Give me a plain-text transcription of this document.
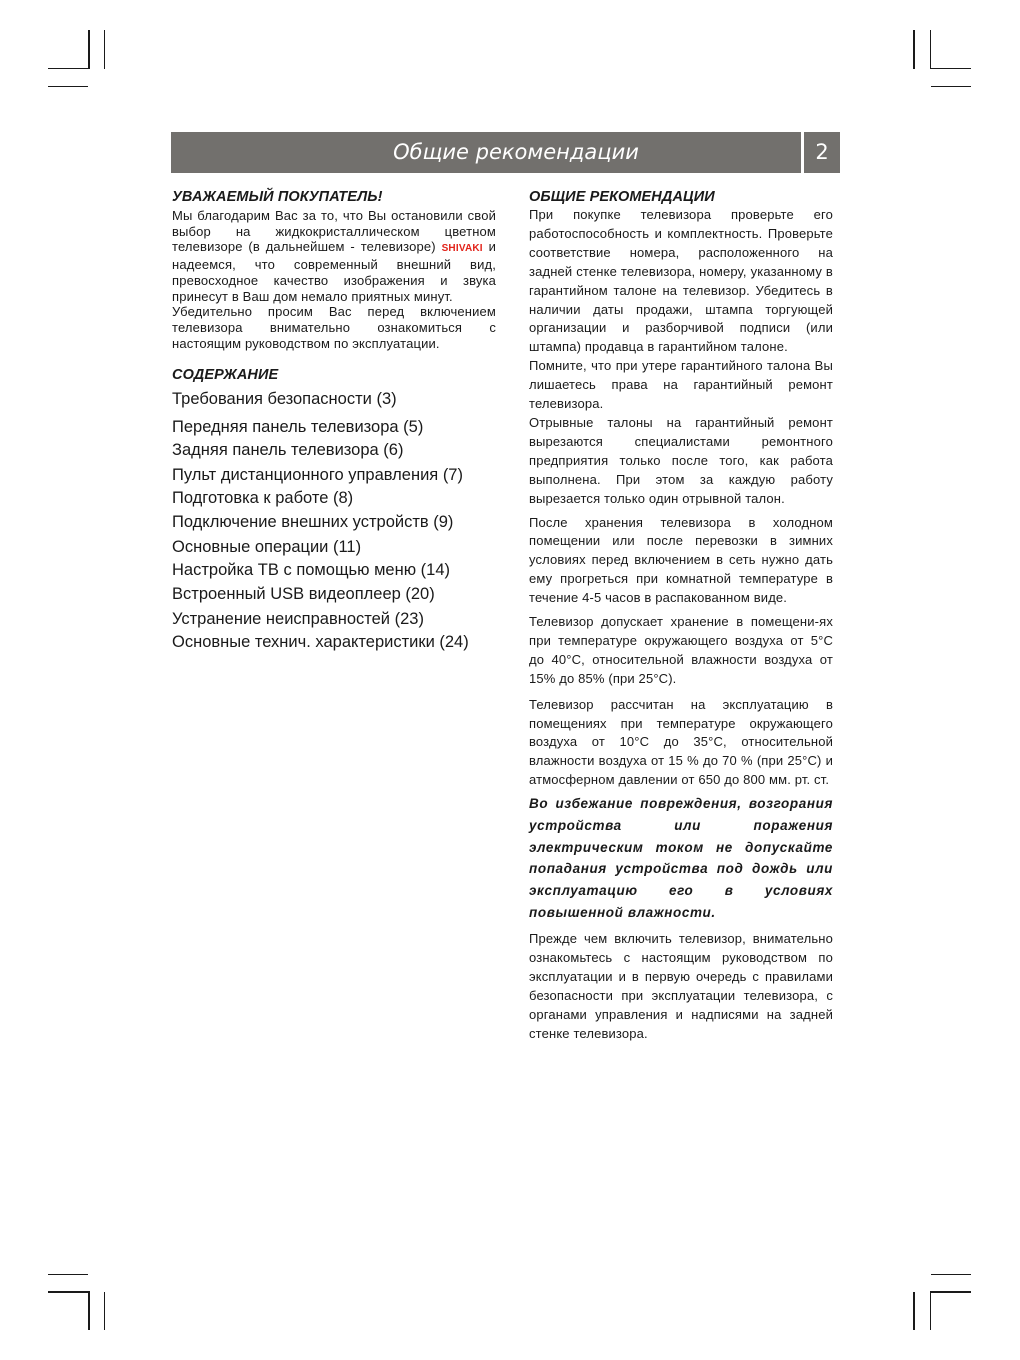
Общие рекомендации	2
УВАЖАЕМЫЙ ПОКУПАТЕЛЬ!
Мы благодарим Вас за то, что Вы остановили свой выбор на жидкокристаллическом цветном телевизоре (в дальнейшем - телевизоре) SHIVAKI и надеемся, что современный внешний вид, превосходное качество изображения и звука принесут в Ваш дом немало приятных минут.
Убедительно просим Вас перед включением телевизора внимательно ознакомиться с настоящим руководством по эксплуатации.
СОДЕРЖАНИЕ
Требования безопасности (3)
Передняя панель телевизора (5)
Задняя панель телевизора (6)
Пульт дистанционного управления (7)
Подготовка к работе (8)
Подключение внешних устройств (9)
Основные операции (11)
Настройка ТВ с помощью меню (14)
Встроенный USB видеоплеер (20)
Устранение неисправностей (23)
Основные технич. характеристики (24)
ОБЩИЕ РЕКОМЕНДАЦИИ
При покупке телевизора проверьте его работоспособность и комплектность. Проверьте соответствие номера, расположенного на задней стенке телевизора, номеру, указанному в гарантийном талоне на телевизор. Убедитесь в наличии даты продажи, штампа торгующей организации и разборчивой подписи (или штампа) продавца в гарантийном талоне.
Помните, что при утере гарантийного талона Вы лишаетесь права на гарантийный ремонт телевизора.
Отрывные талоны на гарантийный ремонт вырезаются специалистами ремонтного предприятия только после того, как работа выполнена. При этом за каждую работу вырезается только один отрывной талон.
После хранения телевизора в холодном помещении или после перевозки в зимних условиях перед включением в сеть нужно дать ему прогреться при комнатной температуре в течение 4-5 часов в распакованном виде.
Телевизор допускает хранение в помещени-ях при температуре окружающего воздуха от 5°C до 40°C, относительной влажности воздуха от 15% до 85% (при 25°C).
Телевизор рассчитан на эксплуатацию в помещениях при температуре окружающего воздуха от 10°C до 35°C, относительной влажности воздуха от 15 % до 70 % (при 25°C) и атмосферном давлении от 650 до 800 мм. рт. ст.
Во избежание повреждения, возгорания устройства или поражения электрическим током не допускайте попадания устройства под дождь или эксплуатацию его в условиях повышенной влажности.
Прежде чем включить телевизор, внимательно ознакомьтесь с настоящим руководством по эксплуатации и в первую очередь с правилами безопасности при эксплуатации телевизора, с органами управления и надписями на задней стенке телевизора.
